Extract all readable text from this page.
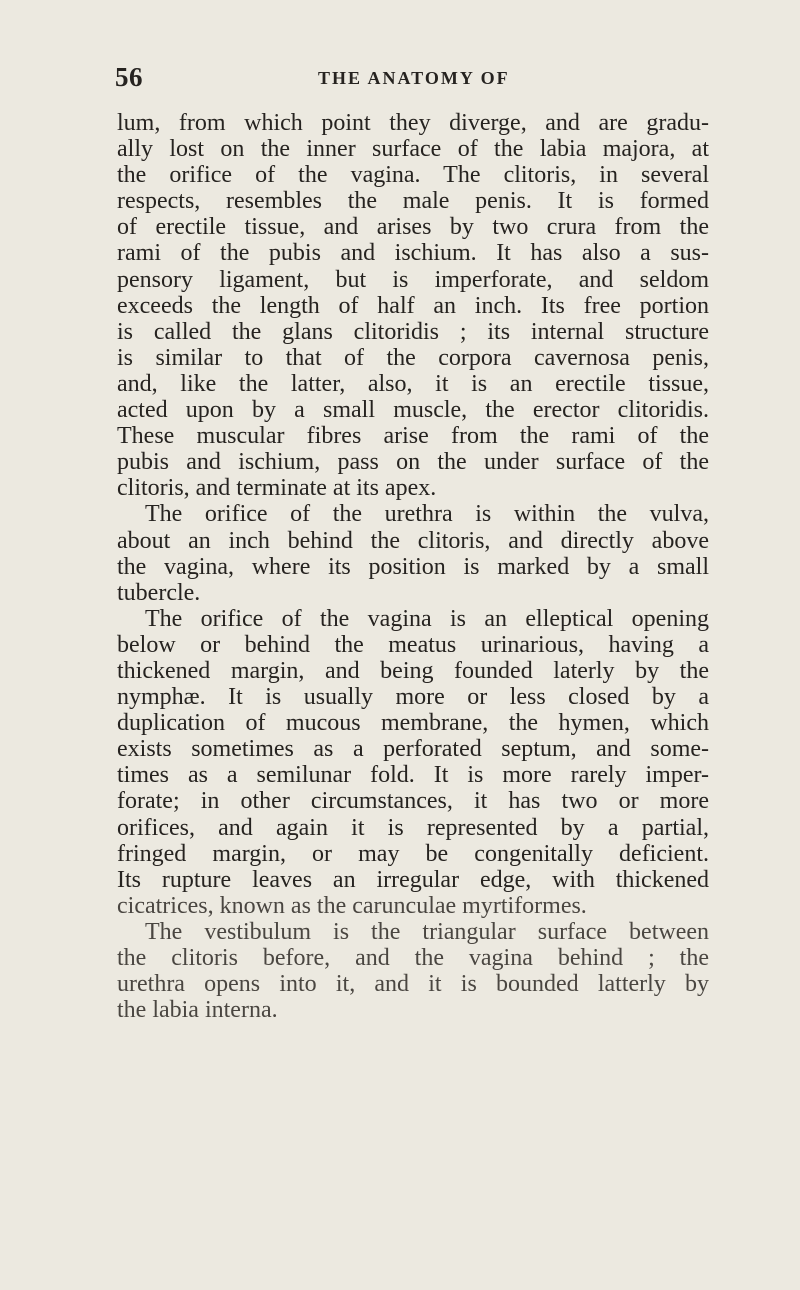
56	THE ANATOMY OF
lum, from which point they diverge, and are gradu-
ally lost on the inner surface of the labia majora, at
the orifice of the vagina. The clitoris, in several
respects, resembles the male penis. It is formed
of erectile tissue, and arises by two crura from the
rami of the pubis and ischium. It has also a sus-
pensory ligament, but is imperforate, and seldom
exceeds the length of half an inch. Its free portion
is called the glans clitoridis ; its internal structure
is similar to that of the corpora cavernosa penis,
and, like the latter, also, it is an erectile tissue,
acted upon by a small muscle, the erector clitoridis.
These muscular fibres arise from the rami of the
pubis and ischium, pass on the under surface of the
clitoris, and terminate at its apex.
The orifice of the urethra is within the vulva,
about an inch behind the clitoris, and directly above
the vagina, where its position is marked by a small
tubercle.
The orifice of the vagina is an elleptical opening
below or behind the meatus urinarious, having a
thickened margin, and being founded laterly by the
nymphæ. It is usually more or less closed by a
duplication of mucous membrane, the hymen, which
exists sometimes as a perforated septum, and some-
times as a semilunar fold. It is more rarely imper-
forate; in other circumstances, it has two or more
orifices, and again it is represented by a partial,
fringed margin, or may be congenitally deficient.
Its rupture leaves an irregular edge, with thickened
cicatrices, known as the carunculae myrtiformes.
The vestibulum is the triangular surface between
the clitoris before, and the vagina behind ; the
urethra opens into it, and it is bounded latterly by
the labia interna.
